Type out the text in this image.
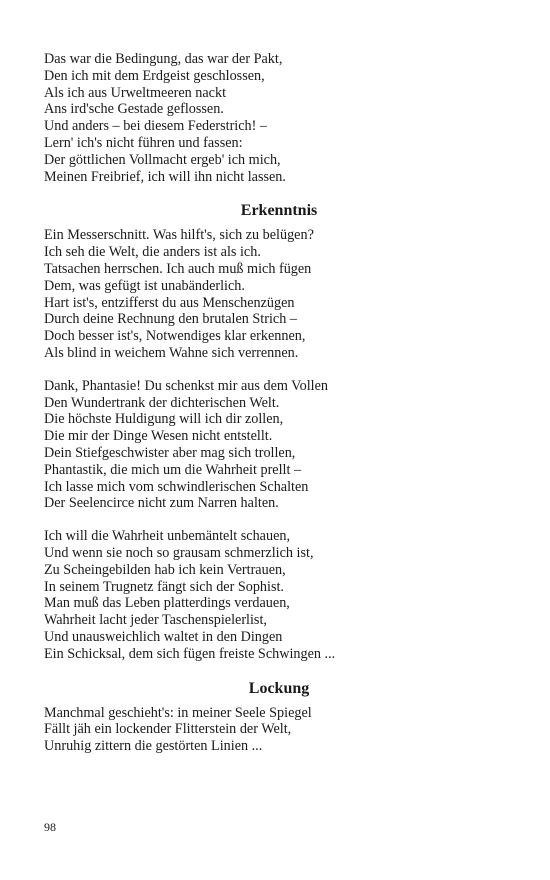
Das war die Bedingung, das war der Pakt,
Den ich mit dem Erdgeist geschlossen,
Als ich aus Urweltmeeren nackt
Ans ird'sche Gestade geflossen.
Und anders – bei diesem Federstrich! –
Lern' ich's nicht führen und fassen:
Der göttlichen Vollmacht ergeb' ich mich,
Meinen Freibrief, ich will ihn nicht lassen.
Erkenntnis
Ein Messerschnitt. Was hilft's, sich zu belügen?
Ich seh die Welt, die anders ist als ich.
Tatsachen herrschen. Ich auch muß mich fügen
Dem, was gefügt ist unabänderlich.
Hart ist's, entzifferst du aus Menschenzügen
Durch deine Rechnung den brutalen Strich –
Doch besser ist's, Notwendiges klar erkennen,
Als blind in weichem Wahne sich verrennen.
Dank, Phantasie! Du schenkst mir aus dem Vollen
Den Wundertrank der dichterischen Welt.
Die höchste Huldigung will ich dir zollen,
Die mir der Dinge Wesen nicht entstellt.
Dein Stiefgeschwister aber mag sich trollen,
Phantastik, die mich um die Wahrheit prellt –
Ich lasse mich vom schwindlerischen Schalten
Der Seelencirce nicht zum Narren halten.
Ich will die Wahrheit unbemäntelt schauen,
Und wenn sie noch so grausam schmerzlich ist,
Zu Scheingebilden hab ich kein Vertrauen,
In seinem Trugnetz fängt sich der Sophist.
Man muß das Leben platterdings verdauen,
Wahrheit lacht jeder Taschenspielerlist,
Und unausweichlich waltet in den Dingen
Ein Schicksal, dem sich fügen freiste Schwingen ...
Lockung
Manchmal geschieht's: in meiner Seele Spiegel
Fällt jäh ein lockender Flitterstein der Welt,
Unruhig zittern die gestörten Linien ...
98
